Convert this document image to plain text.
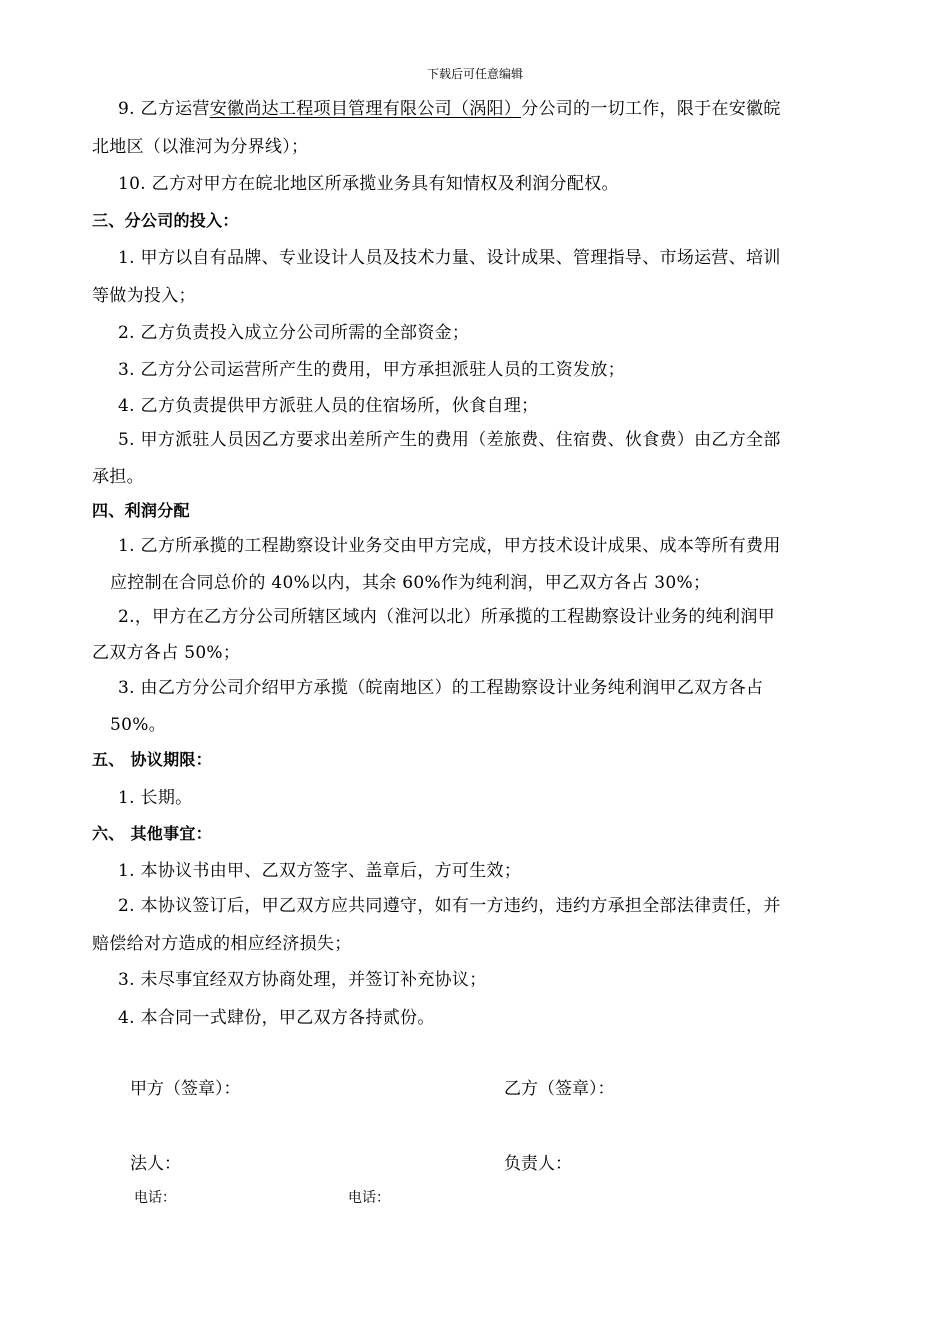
下载后可任意编辑
9. 乙方运营安徽尚达工程项目管理有限公司（涡阳）分公司的一切工作，限于在安徽皖
北地区（以淮河为分界线）；
10. 乙方对甲方在皖北地区所承揽业务具有知情权及利润分配权。
三、分公司的投入：
1. 甲方以自有品牌、专业设计人员及技术力量、设计成果、管理指导、市场运营、培训
等做为投入；
2. 乙方负责投入成立分公司所需的全部资金；
3. 乙方分公司运营所产生的费用，甲方承担派驻人员的工资发放；
4. 乙方负责提供甲方派驻人员的住宿场所，伙食自理；
5. 甲方派驻人员因乙方要求出差所产生的费用（差旅费、住宿费、伙食费）由乙方全部
承担。
四、利润分配
1. 乙方所承揽的工程勘察设计业务交由甲方完成，甲方技术设计成果、成本等所有费用
应控制在合同总价的 40%以内，其余 60%作为纯利润，甲乙双方各占 30%；
2.，甲方在乙方分公司所辖区域内（淮河以北）所承揽的工程勘察设计业务的纯利润甲
乙双方各占 50%；
3. 由乙方分公司介绍甲方承揽（皖南地区）的工程勘察设计业务纯利润甲乙双方各占
50%。
五、 协议期限：
1. 长期。
六、 其他事宜：
1. 本协议书由甲、乙双方签字、盖章后，方可生效；
2. 本协议签订后，甲乙双方应共同遵守，如有一方违约，违约方承担全部法律责任，并
赔偿给对方造成的相应经济损失；
3. 未尽事宜经双方协商处理，并签订补充协议；
4. 本合同一式肆份，甲乙双方各持贰份。
甲方（签章）：	乙方（签章）：
法人：	负责人：
电话：	电话：
